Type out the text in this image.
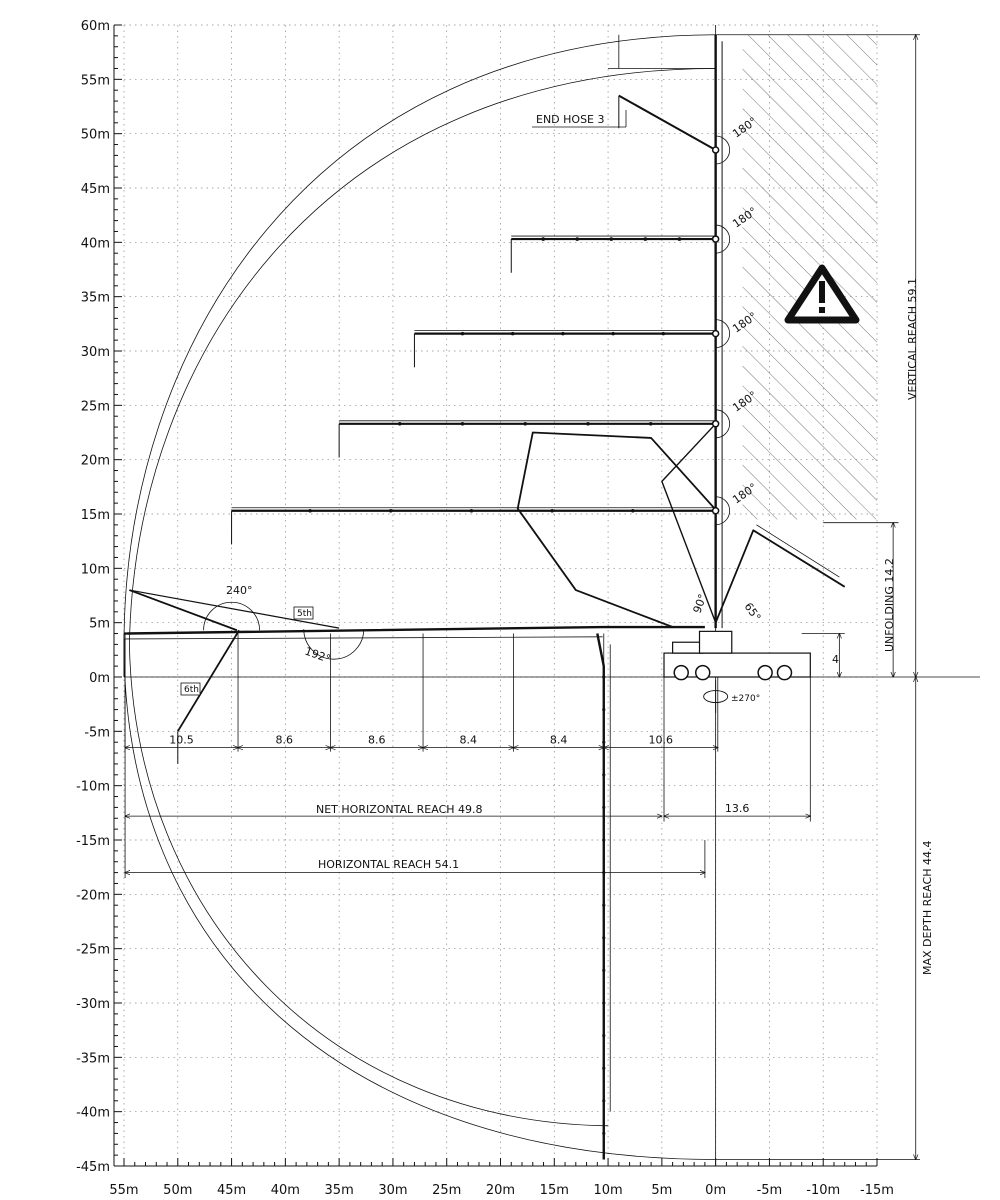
60m
55m
50m
45m
40m
35m
30m
25m
20m
15m
10m
5m
0m
-5m
-10m
-15m
-20m
-25m
-30m
-35m
-40m
-45m
55m 50m 45m 40m 35m 30m 25m 20m 15m 10m 5m	0m -5m -10m -15m
10.5	8.6	8.6	8.4	8.4	10.6
13.6
END HOSE 3
VERTICAL REACH 59.1
UNFOLDING 14.2
MAX DEPTH REACH 44.4
NET HORIZONTAL REACH 49.8
HORIZONTAL REACH 54.1
±270°
4
5th
6th
180°
180°
180°
180°
180°
90°	65°
240°
192°
